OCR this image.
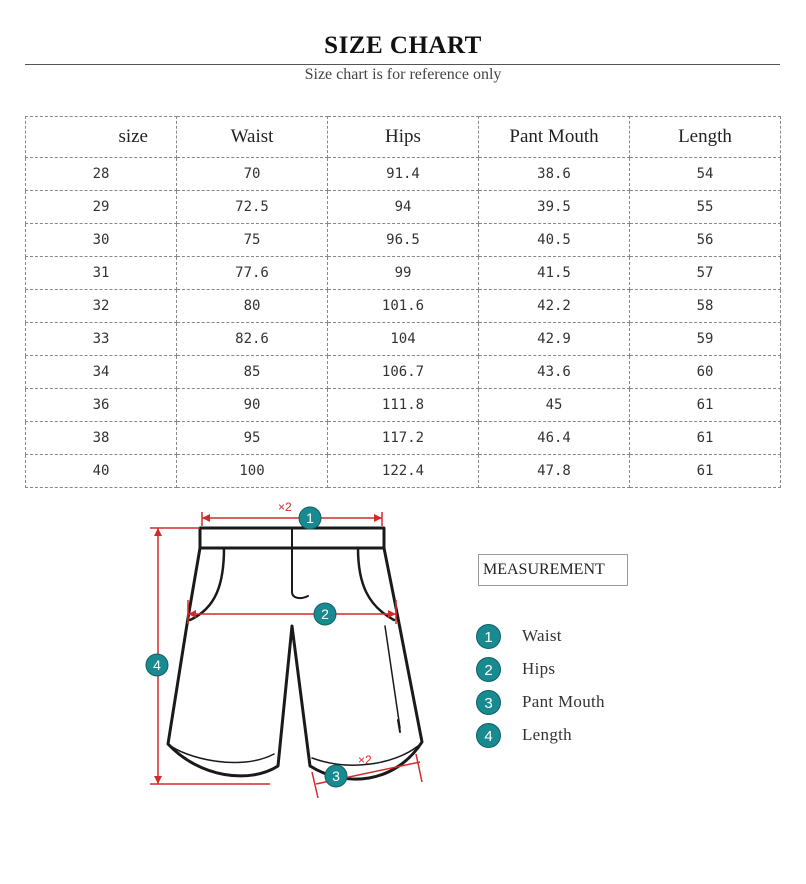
SIZE CHART
Size chart is for reference only
size	Waist	Hips	Pant Mouth	Length
28	70	91.4	38.6	54
29	72.5	94	39.5	55
30	75	96.5	40.5	56
31	77.6	99	41.5	57
32	80	101.6	42.2	58
33	82.6	104	42.9	59
34	85	106.7	43.6	60
36	90	111.8	45	61
38	95	117.2	46.4	61
40	100	122.4	47.8	61
×2
×2
1
2
3
4
MEASUREMENT
1	Waist
2	Hips
3	Pant Mouth
4	Length
